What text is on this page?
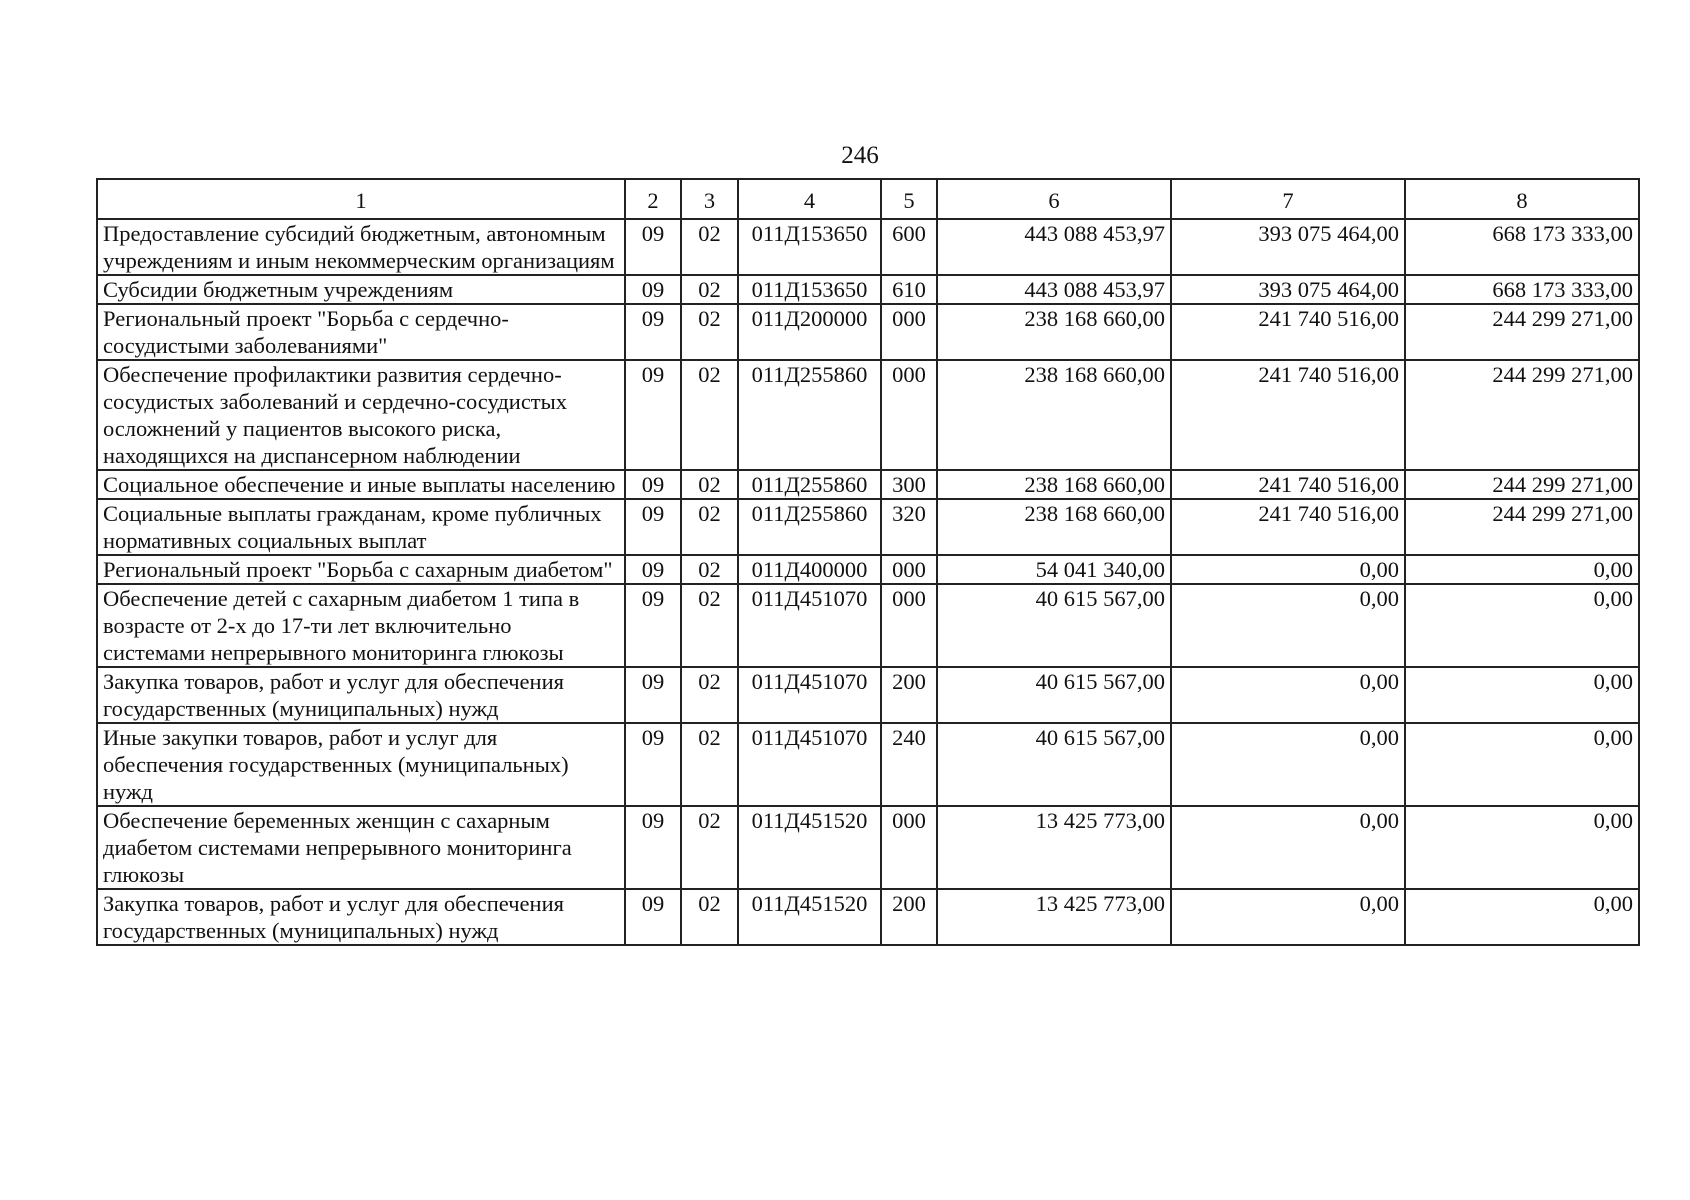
246
1	2	3	4	5	6	7	8
Предоставление субсидий бюджетным, автономным учреждениям и иным некоммерческим организациям	09	02	011Д153650	600	443 088 453,97	393 075 464,00	668 173 333,00
Субсидии бюджетным учреждениям	09	02	011Д153650	610	443 088 453,97	393 075 464,00	668 173 333,00
Региональный проект "Борьба с сердечно-сосудистыми заболеваниями"	09	02	011Д200000	000	238 168 660,00	241 740 516,00	244 299 271,00
Обеспечение профилактики развития сердечно-сосудистых заболеваний и сердечно-сосудистых осложнений у пациентов высокого риска, находящихся на диспансерном наблюдении	09	02	011Д255860	000	238 168 660,00	241 740 516,00	244 299 271,00
Социальное обеспечение и иные выплаты населению	09	02	011Д255860	300	238 168 660,00	241 740 516,00	244 299 271,00
Социальные выплаты гражданам, кроме публичных нормативных социальных выплат	09	02	011Д255860	320	238 168 660,00	241 740 516,00	244 299 271,00
Региональный проект "Борьба с сахарным диабетом"	09	02	011Д400000	000	54 041 340,00	0,00	0,00
Обеспечение детей с сахарным диабетом 1 типа в возрасте от 2-х до 17-ти лет включительно системами непрерывного мониторинга глюкозы	09	02	011Д451070	000	40 615 567,00	0,00	0,00
Закупка товаров, работ и услуг для обеспечения государственных (муниципальных) нужд	09	02	011Д451070	200	40 615 567,00	0,00	0,00
Иные закупки товаров, работ и услуг для обеспечения государственных (муниципальных) нужд	09	02	011Д451070	240	40 615 567,00	0,00	0,00
Обеспечение беременных женщин с сахарным диабетом системами непрерывного мониторинга глюкозы	09	02	011Д451520	000	13 425 773,00	0,00	0,00
Закупка товаров, работ и услуг для обеспечения государственных (муниципальных) нужд	09	02	011Д451520	200	13 425 773,00	0,00	0,00
